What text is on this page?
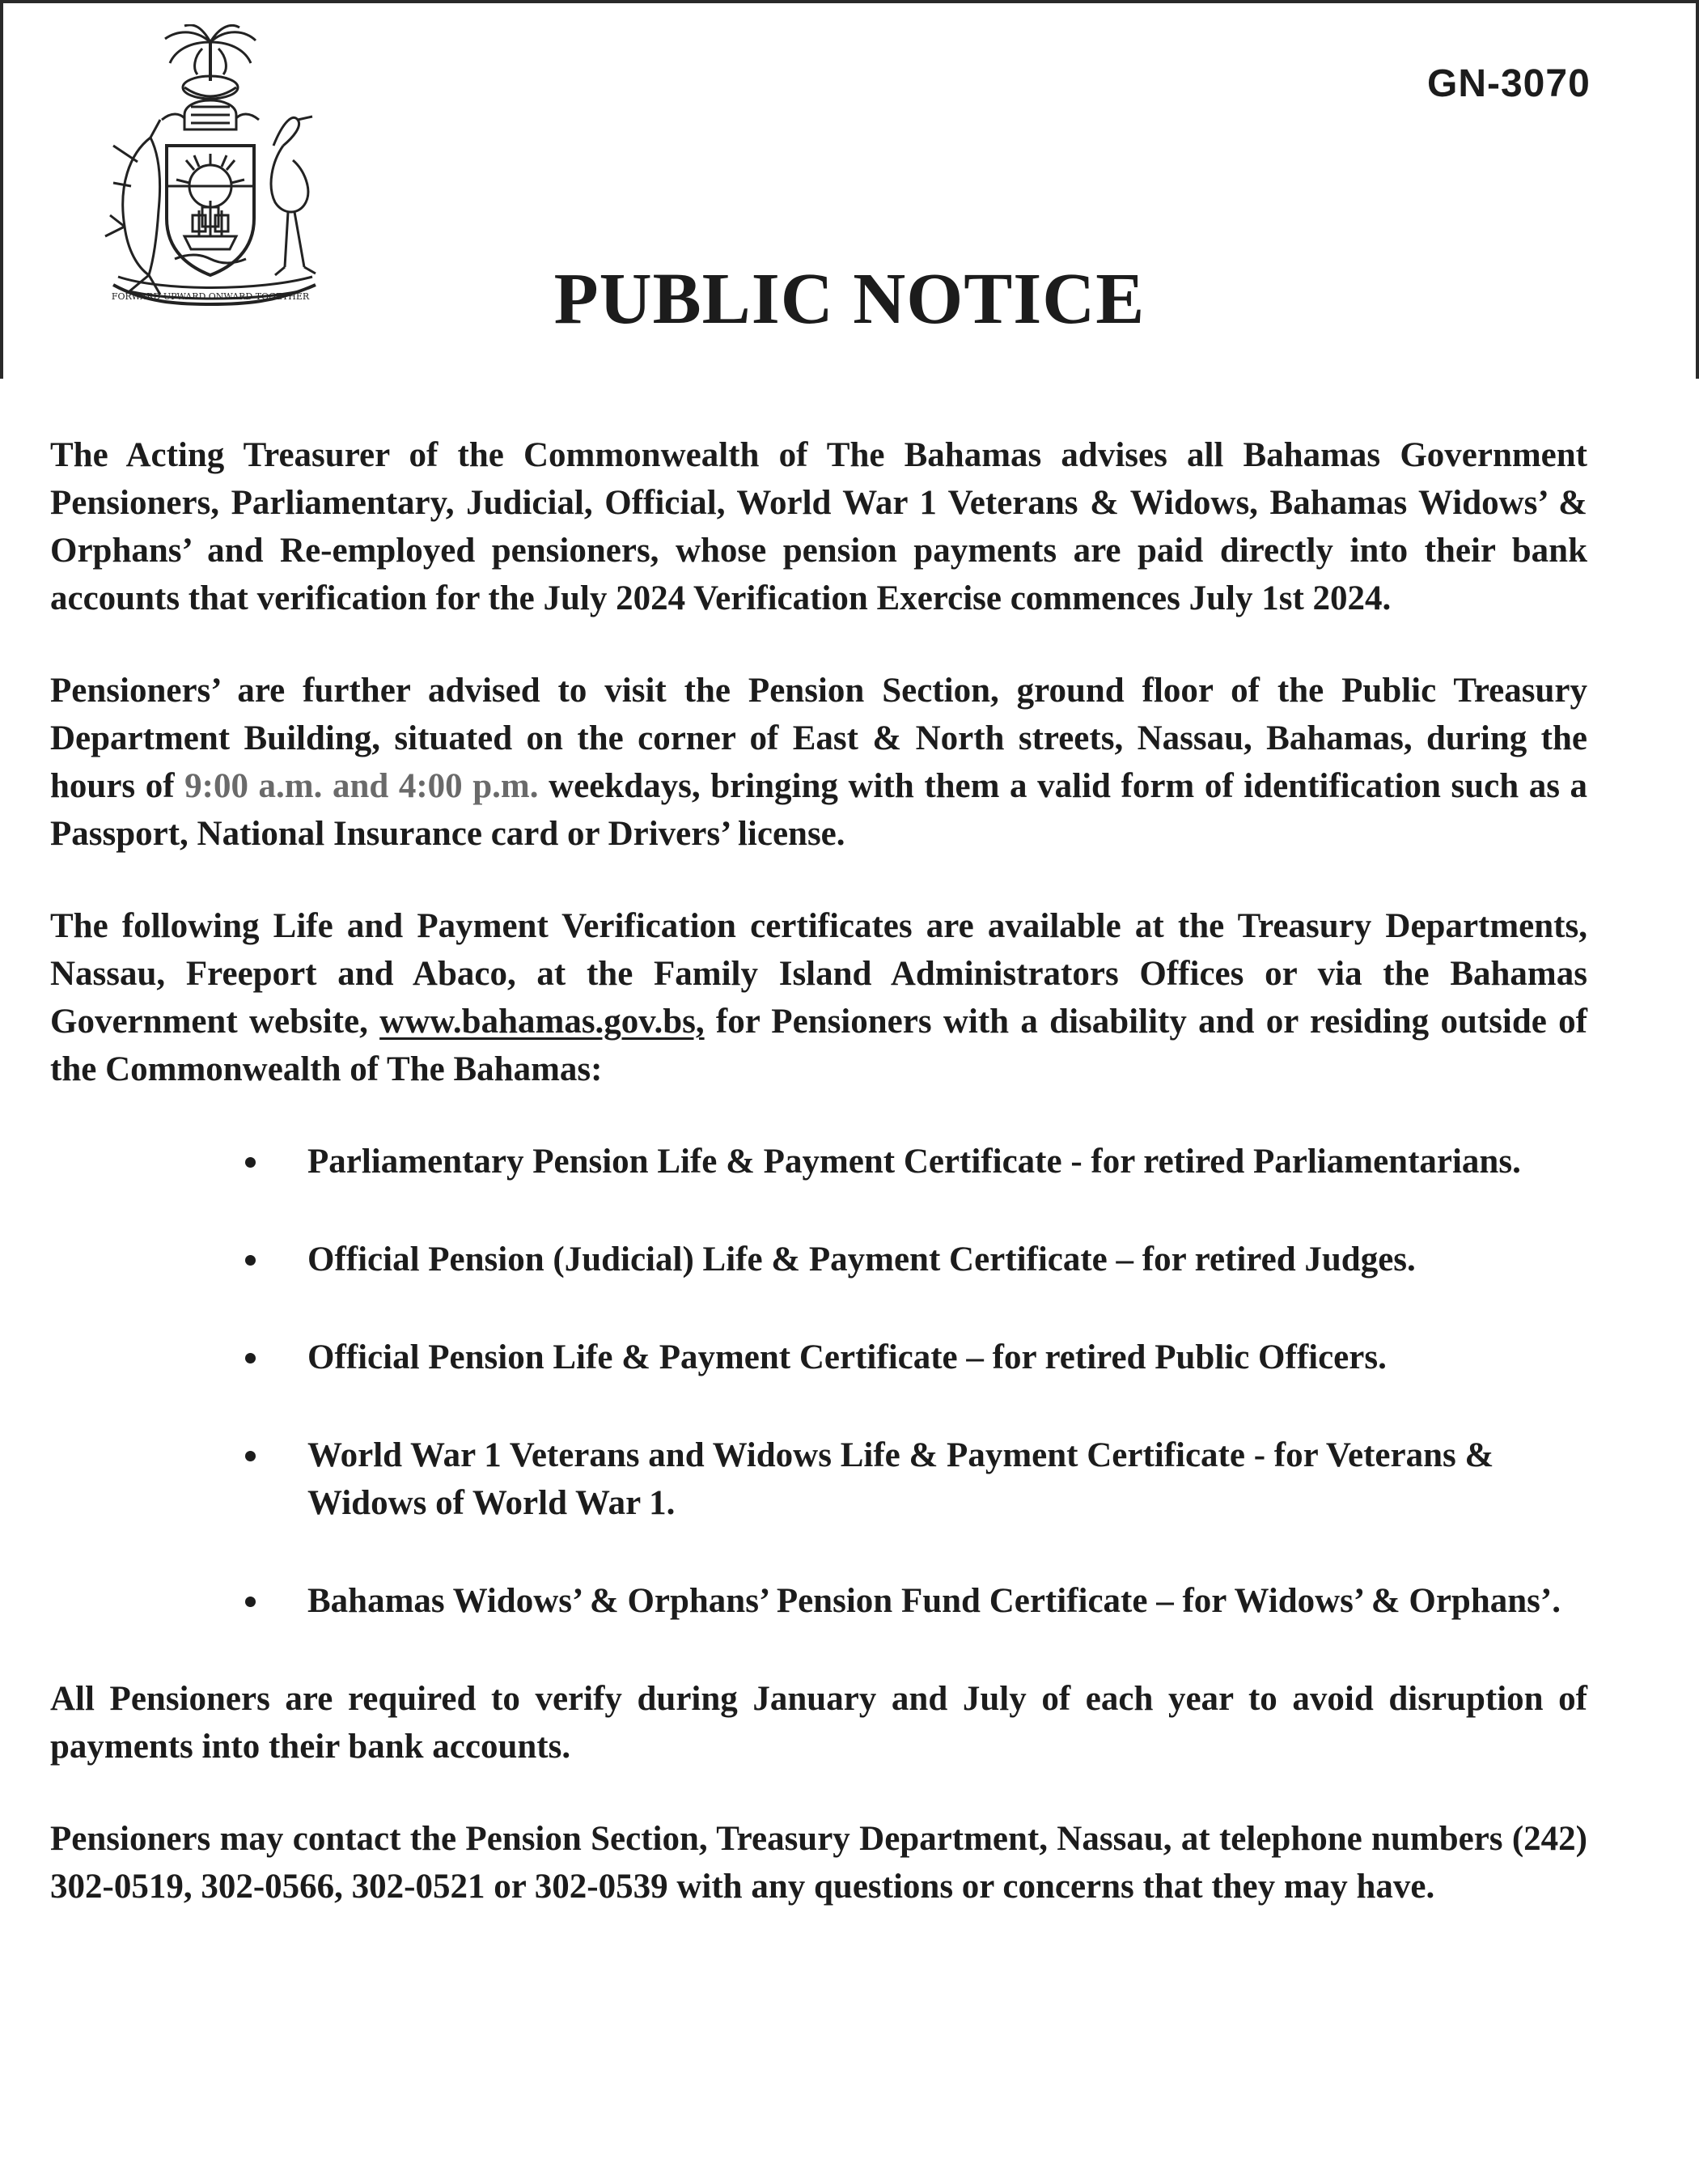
FORWARD UPWARD ONWARD TOGETHER
GN-3070
PUBLIC NOTICE

The Acting Treasurer of the Commonwealth of The Bahamas advises all Bahamas Government Pensioners, Parliamentary, Judicial, Official, World War 1 Veterans & Widows, Bahamas Widows’ & Orphans’ and Re-employed pensioners, whose pension payments are paid directly into their bank accounts that verification for the July 2024 Verification Exercise commences July 1st 2024.

Pensioners’ are further advised to visit the Pension Section, ground floor of the Public Treasury Department Building, situated on the corner of East & North streets, Nassau, Bahamas, during the hours of 9:00 a.m. and 4:00 p.m. weekdays, bringing with them a valid form of identification such as a Passport, National Insurance card or Drivers’ license.

The following Life and Payment Verification certificates are available at the Treasury Departments, Nassau, Freeport and Abaco, at the Family Island Administrators Offices or via the Bahamas Government website, www.bahamas.gov.bs, for Pensioners with a disability and or residing outside of the Commonwealth of The Bahamas:

Parliamentary Pension Life & Payment Certificate - for retired Parliamentarians.
Official Pension (Judicial) Life & Payment Certificate – for retired Judges.
Official Pension Life & Payment Certificate – for retired Public Officers.
World War 1 Veterans and Widows Life & Payment Certificate - for Veterans & Widows of World War 1.
Bahamas Widows’ & Orphans’ Pension Fund Certificate – for Widows’ & Orphans’.

All Pensioners are required to verify during January and July of each year to avoid disruption of payments into their bank accounts.

Pensioners may contact the Pension Section, Treasury Department, Nassau, at telephone numbers (242) 302-0519, 302-0566, 302-0521 or 302-0539 with any questions or concerns that they may have.
